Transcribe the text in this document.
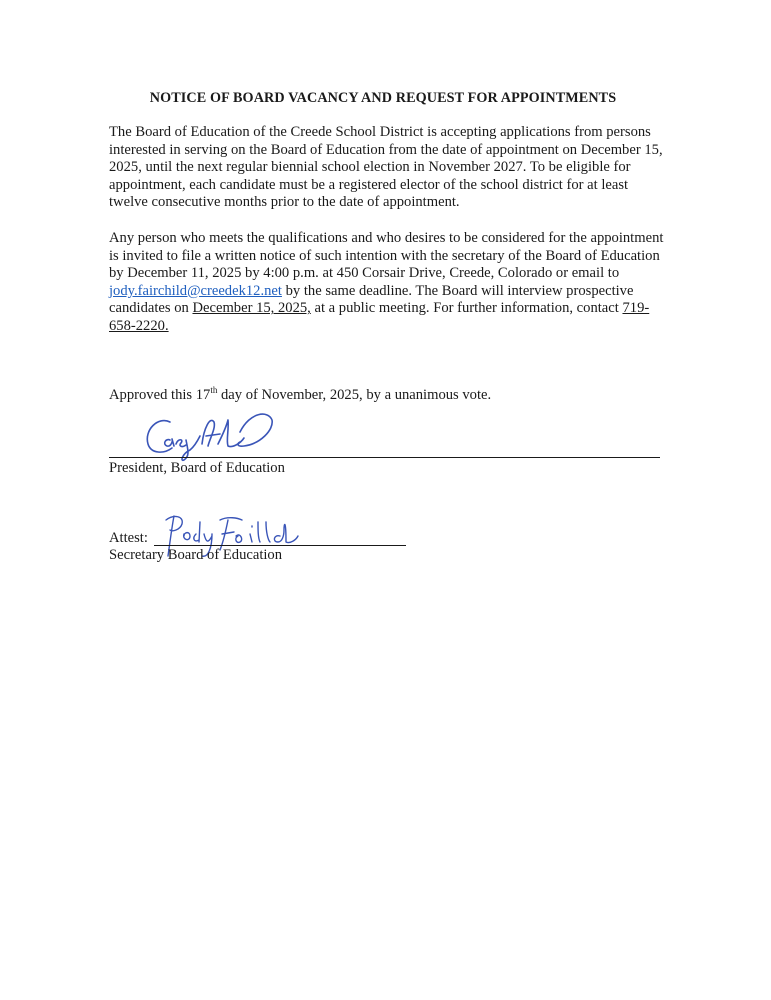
NOTICE OF BOARD VACANCY AND REQUEST FOR APPOINTMENTS
The Board of Education of the Creede School District is accepting applications from persons interested in serving on the Board of Education from the date of appointment on December 15, 2025, until the next regular biennial school election in November 2027. To be eligible for appointment, each candidate must be a registered elector of the school district for at least twelve consecutive months prior to the date of appointment.
Any person who meets the qualifications and who desires to be considered for the appointment is invited to file a written notice of such intention with the secretary of the Board of Education by December 11, 2025 by 4:00 p.m. at 450 Corsair Drive, Creede, Colorado or email to jody.fairchild@creedek12.net by the same deadline. The Board will interview prospective candidates on December 15, 2025, at a public meeting. For further information, contact 719-658-2220.
Approved this 17th day of November, 2025, by a unanimous vote.
President, Board of Education
Attest:
Secretary Board of Education
